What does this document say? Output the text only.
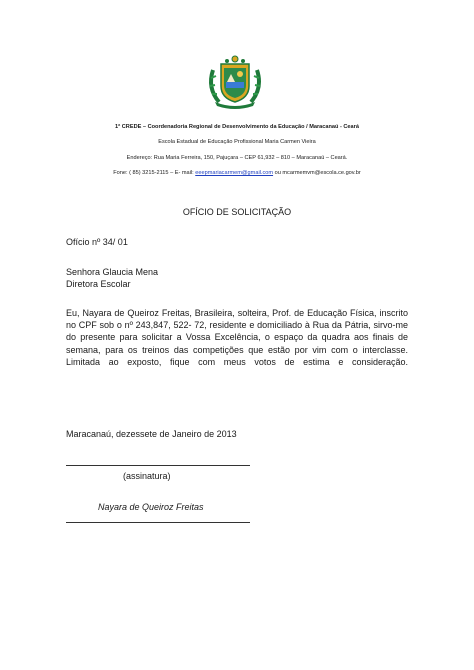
1ª CREDE – Coordenadoria Regional de Desenvolvimento da Educação / Maracanaú - Ceará
Escola Estadual de Educação Profissional Maria Carmen Vieira
Endereço: Rua Maria Ferreira, 150, Pajuçara – CEP 61,932 – 810 – Maracanaú – Ceará.
Fone: ( 85) 3215-2115 – E- mail: eeepmariacarmem@gmail.com ou mcarmemvm@escola.ce.gov.br
OFÍCIO DE SOLICITAÇÃO
Ofício nº 34/ 01
Senhora Glaucia Mena
Diretora Escolar
Eu, Nayara de Queiroz Freitas, Brasileira, solteira, Prof. de Educação Física, inscrito no CPF sob o nº 243,847, 522- 72, residente e domiciliado à Rua da Pátria, sirvo-me do presente para solicitar a Vossa Excelência, o espaço da quadra aos finais de semana, para os treinos das competições que estão por vim com o interclasse. Limitada ao exposto, fique com meus votos de estima e consideração.
Maracanaú, dezessete de Janeiro de 2013
(assinatura)
Nayara de Queiroz Freitas
